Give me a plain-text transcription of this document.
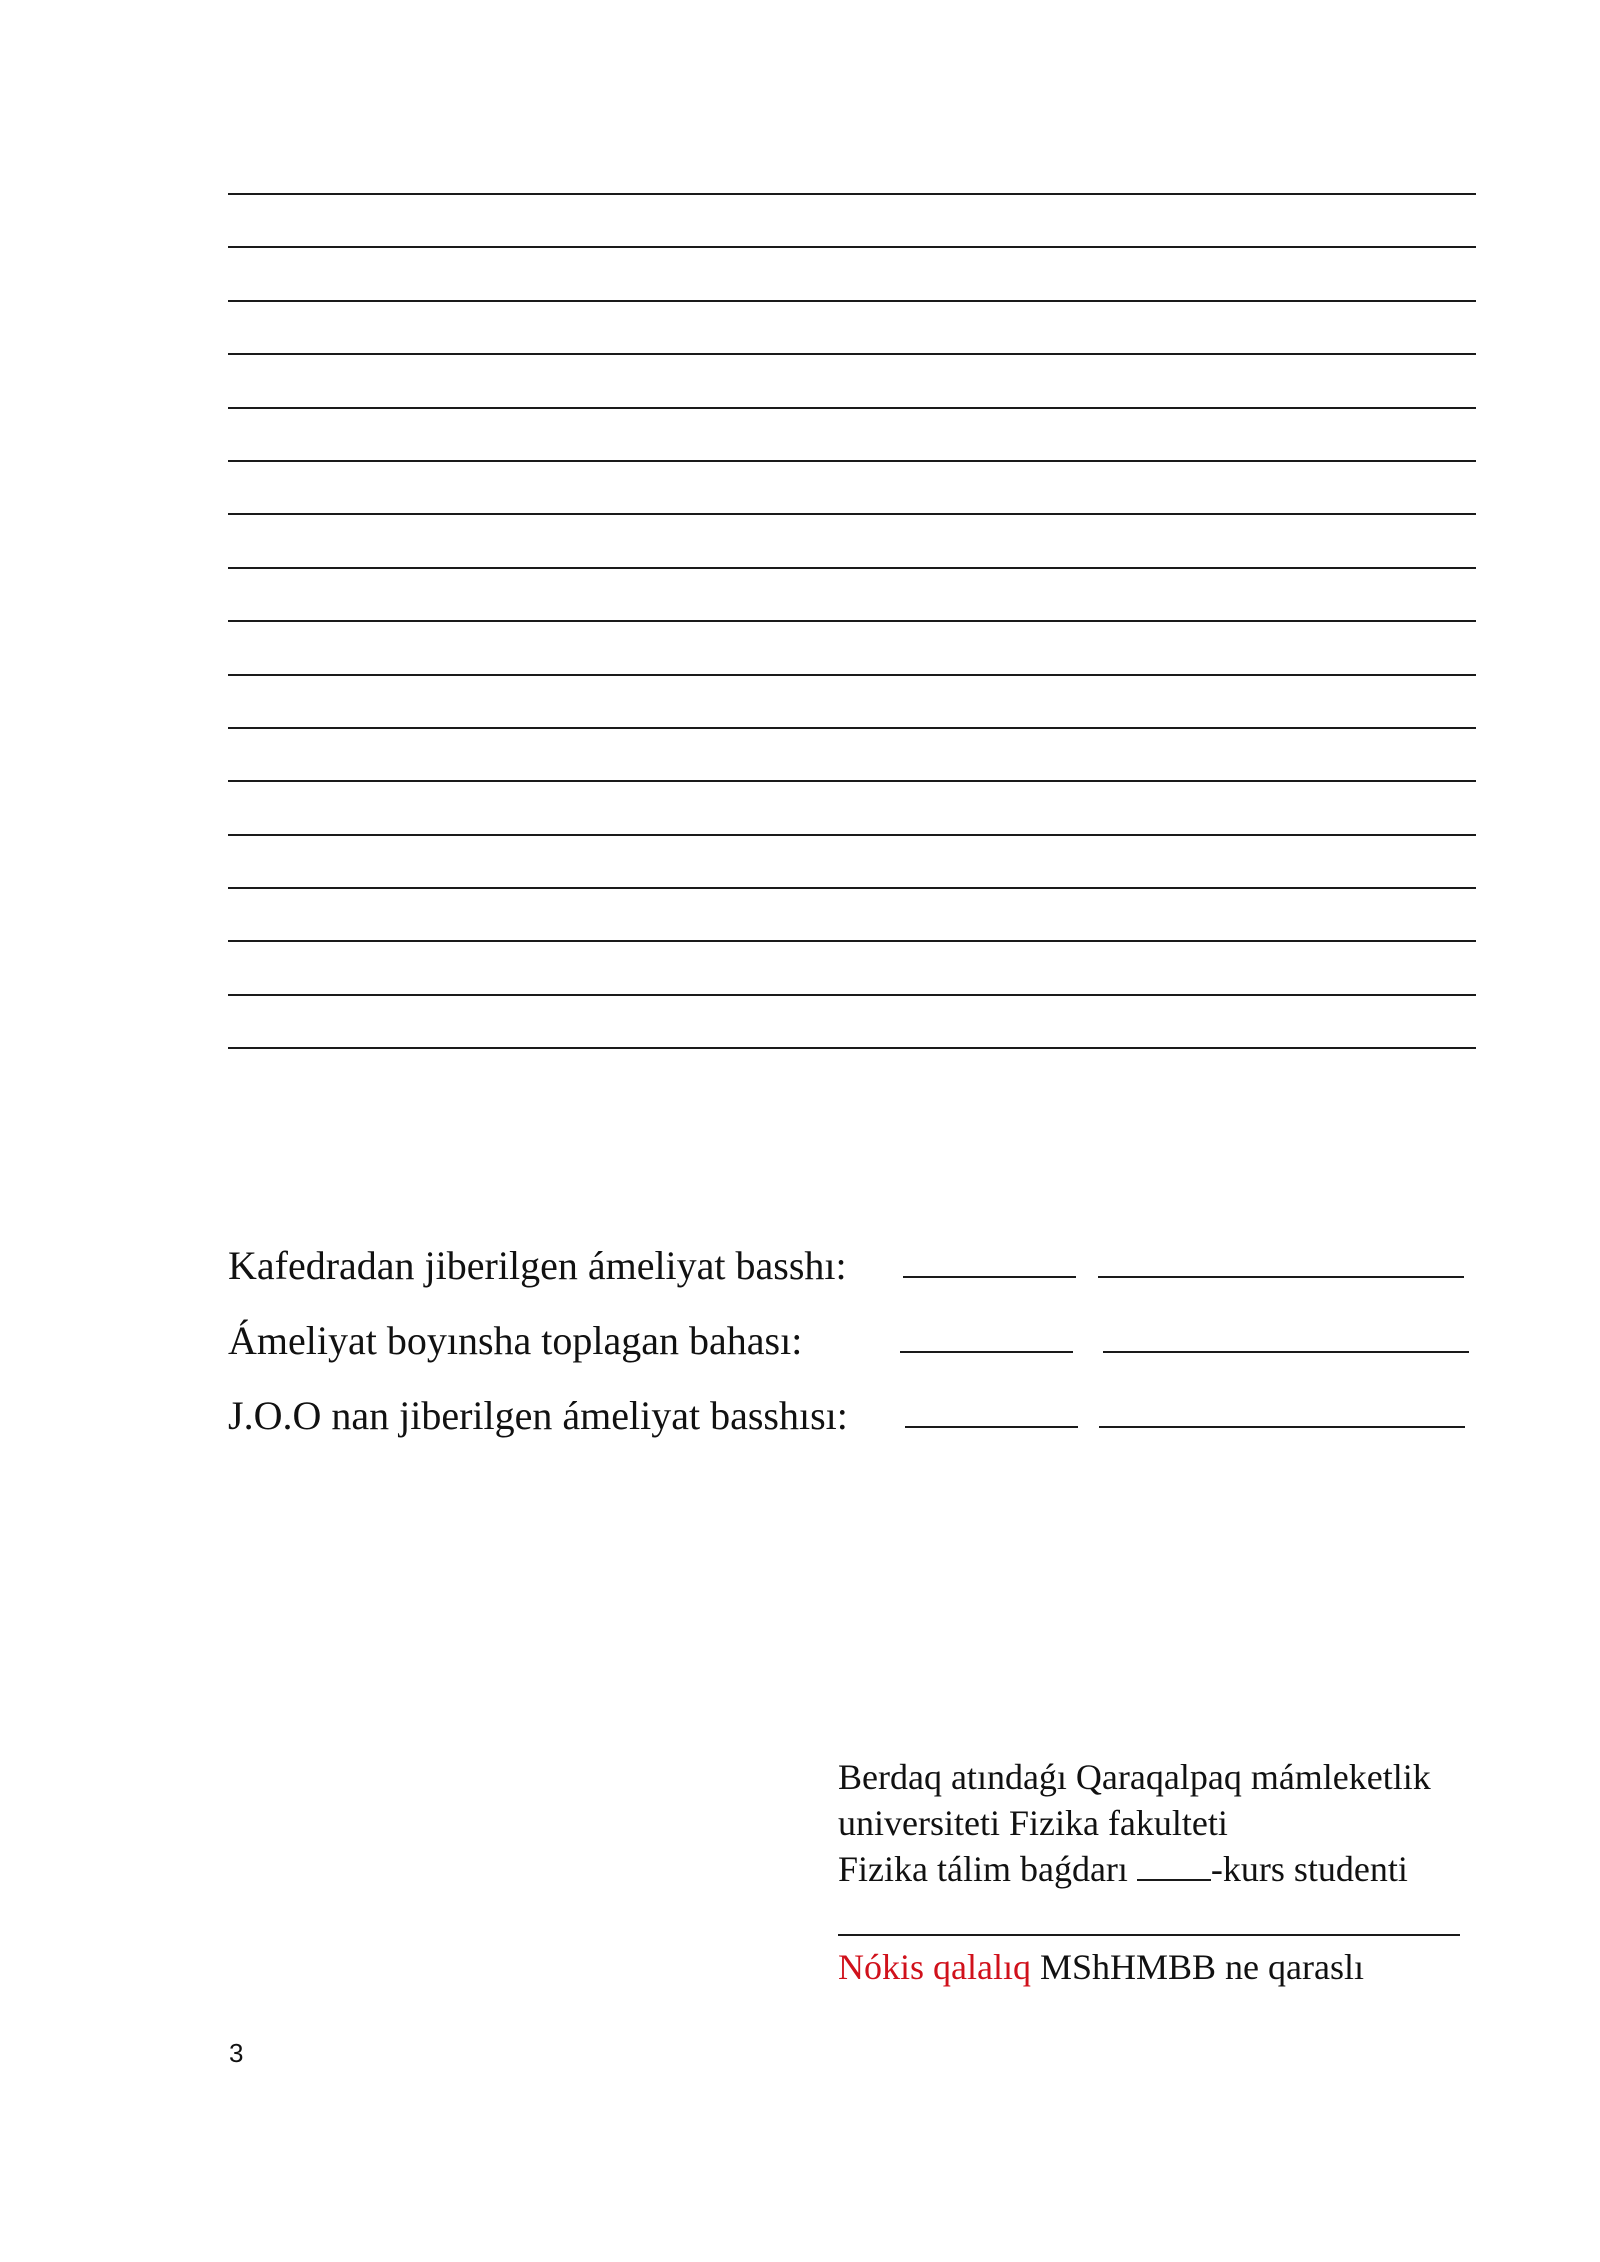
Kafedradan jiberilgen ámeliyat basshı:
Ámeliyat boyınsha toplagan bahası:
J.O.O nan jiberilgen ámeliyat basshısı:
Berdaq atındaǵı Qaraqalpaq mámleketlik
universiteti Fizika fakulteti
Fizika tálim baǵdarı -kurs studenti
Nókis qalalıq MShHMBB ne qaraslı
3
